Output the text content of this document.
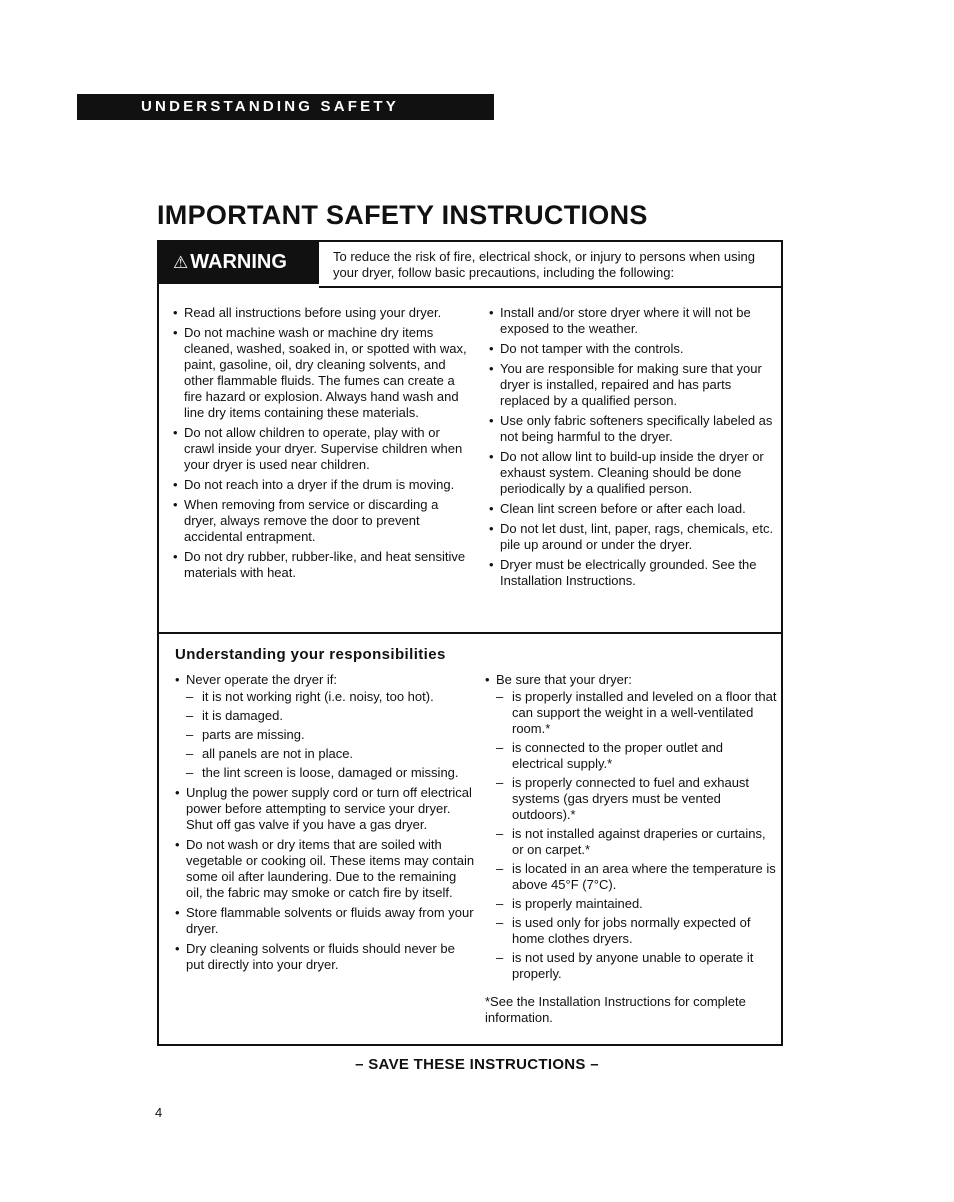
UNDERSTANDING SAFETY
IMPORTANT SAFETY INSTRUCTIONS
⚠ WARNING	To reduce the risk of fire, electrical shock, or injury to persons when using your dryer, follow basic precautions, including the following:
• Read all instructions before using your dryer.
• Do not machine wash or machine dry items cleaned, washed, soaked in, or spotted with wax, paint, gasoline, oil, dry cleaning solvents, and other flammable fluids. The fumes can create a fire hazard or explosion. Always hand wash and line dry items containing these materials.
• Do not allow children to operate, play with or crawl inside your dryer. Supervise children when your dryer is used near children.
• Do not reach into a dryer if the drum is moving.
• When removing from service or discarding a dryer, always remove the door to prevent accidental entrapment.
• Do not dry rubber, rubber-like, and heat sensitive materials with heat.
• Install and/or store dryer where it will not be exposed to the weather.
• Do not tamper with the controls.
• You are responsible for making sure that your dryer is installed, repaired and has parts replaced by a qualified person.
• Use only fabric softeners specifically labeled as not being harmful to the dryer.
• Do not allow lint to build-up inside the dryer or exhaust system. Cleaning should be done periodically by a qualified person.
• Clean lint screen before or after each load.
• Do not let dust, lint, paper, rags, chemicals, etc. pile up around or under the dryer.
• Dryer must be electrically grounded. See the Installation Instructions.
Understanding your responsibilities
• Never operate the dryer if:
– it is not working right (i.e. noisy, too hot).
– it is damaged.
– parts are missing.
– all panels are not in place.
– the lint screen is loose, damaged or missing.
• Unplug the power supply cord or turn off electrical power before attempting to service your dryer. Shut off gas valve if you have a gas dryer.
• Do not wash or dry items that are soiled with vegetable or cooking oil. These items may contain some oil after laundering. Due to the remaining oil, the fabric may smoke or catch fire by itself.
• Store flammable solvents or fluids away from your dryer.
• Dry cleaning solvents or fluids should never be put directly into your dryer.
• Be sure that your dryer:
– is properly installed and leveled on a floor that can support the weight in a well-ventilated room.*
– is connected to the proper outlet and electrical supply.*
– is properly connected to fuel and exhaust systems (gas dryers must be vented outdoors).*
– is not installed against draperies or curtains, or on carpet.*
– is located in an area where the temperature is above 45°F (7°C).
– is properly maintained.
– is used only for jobs normally expected of home clothes dryers.
– is not used by anyone unable to operate it properly.

*See the Installation Instructions for complete information.

– SAVE THESE INSTRUCTIONS –

4
